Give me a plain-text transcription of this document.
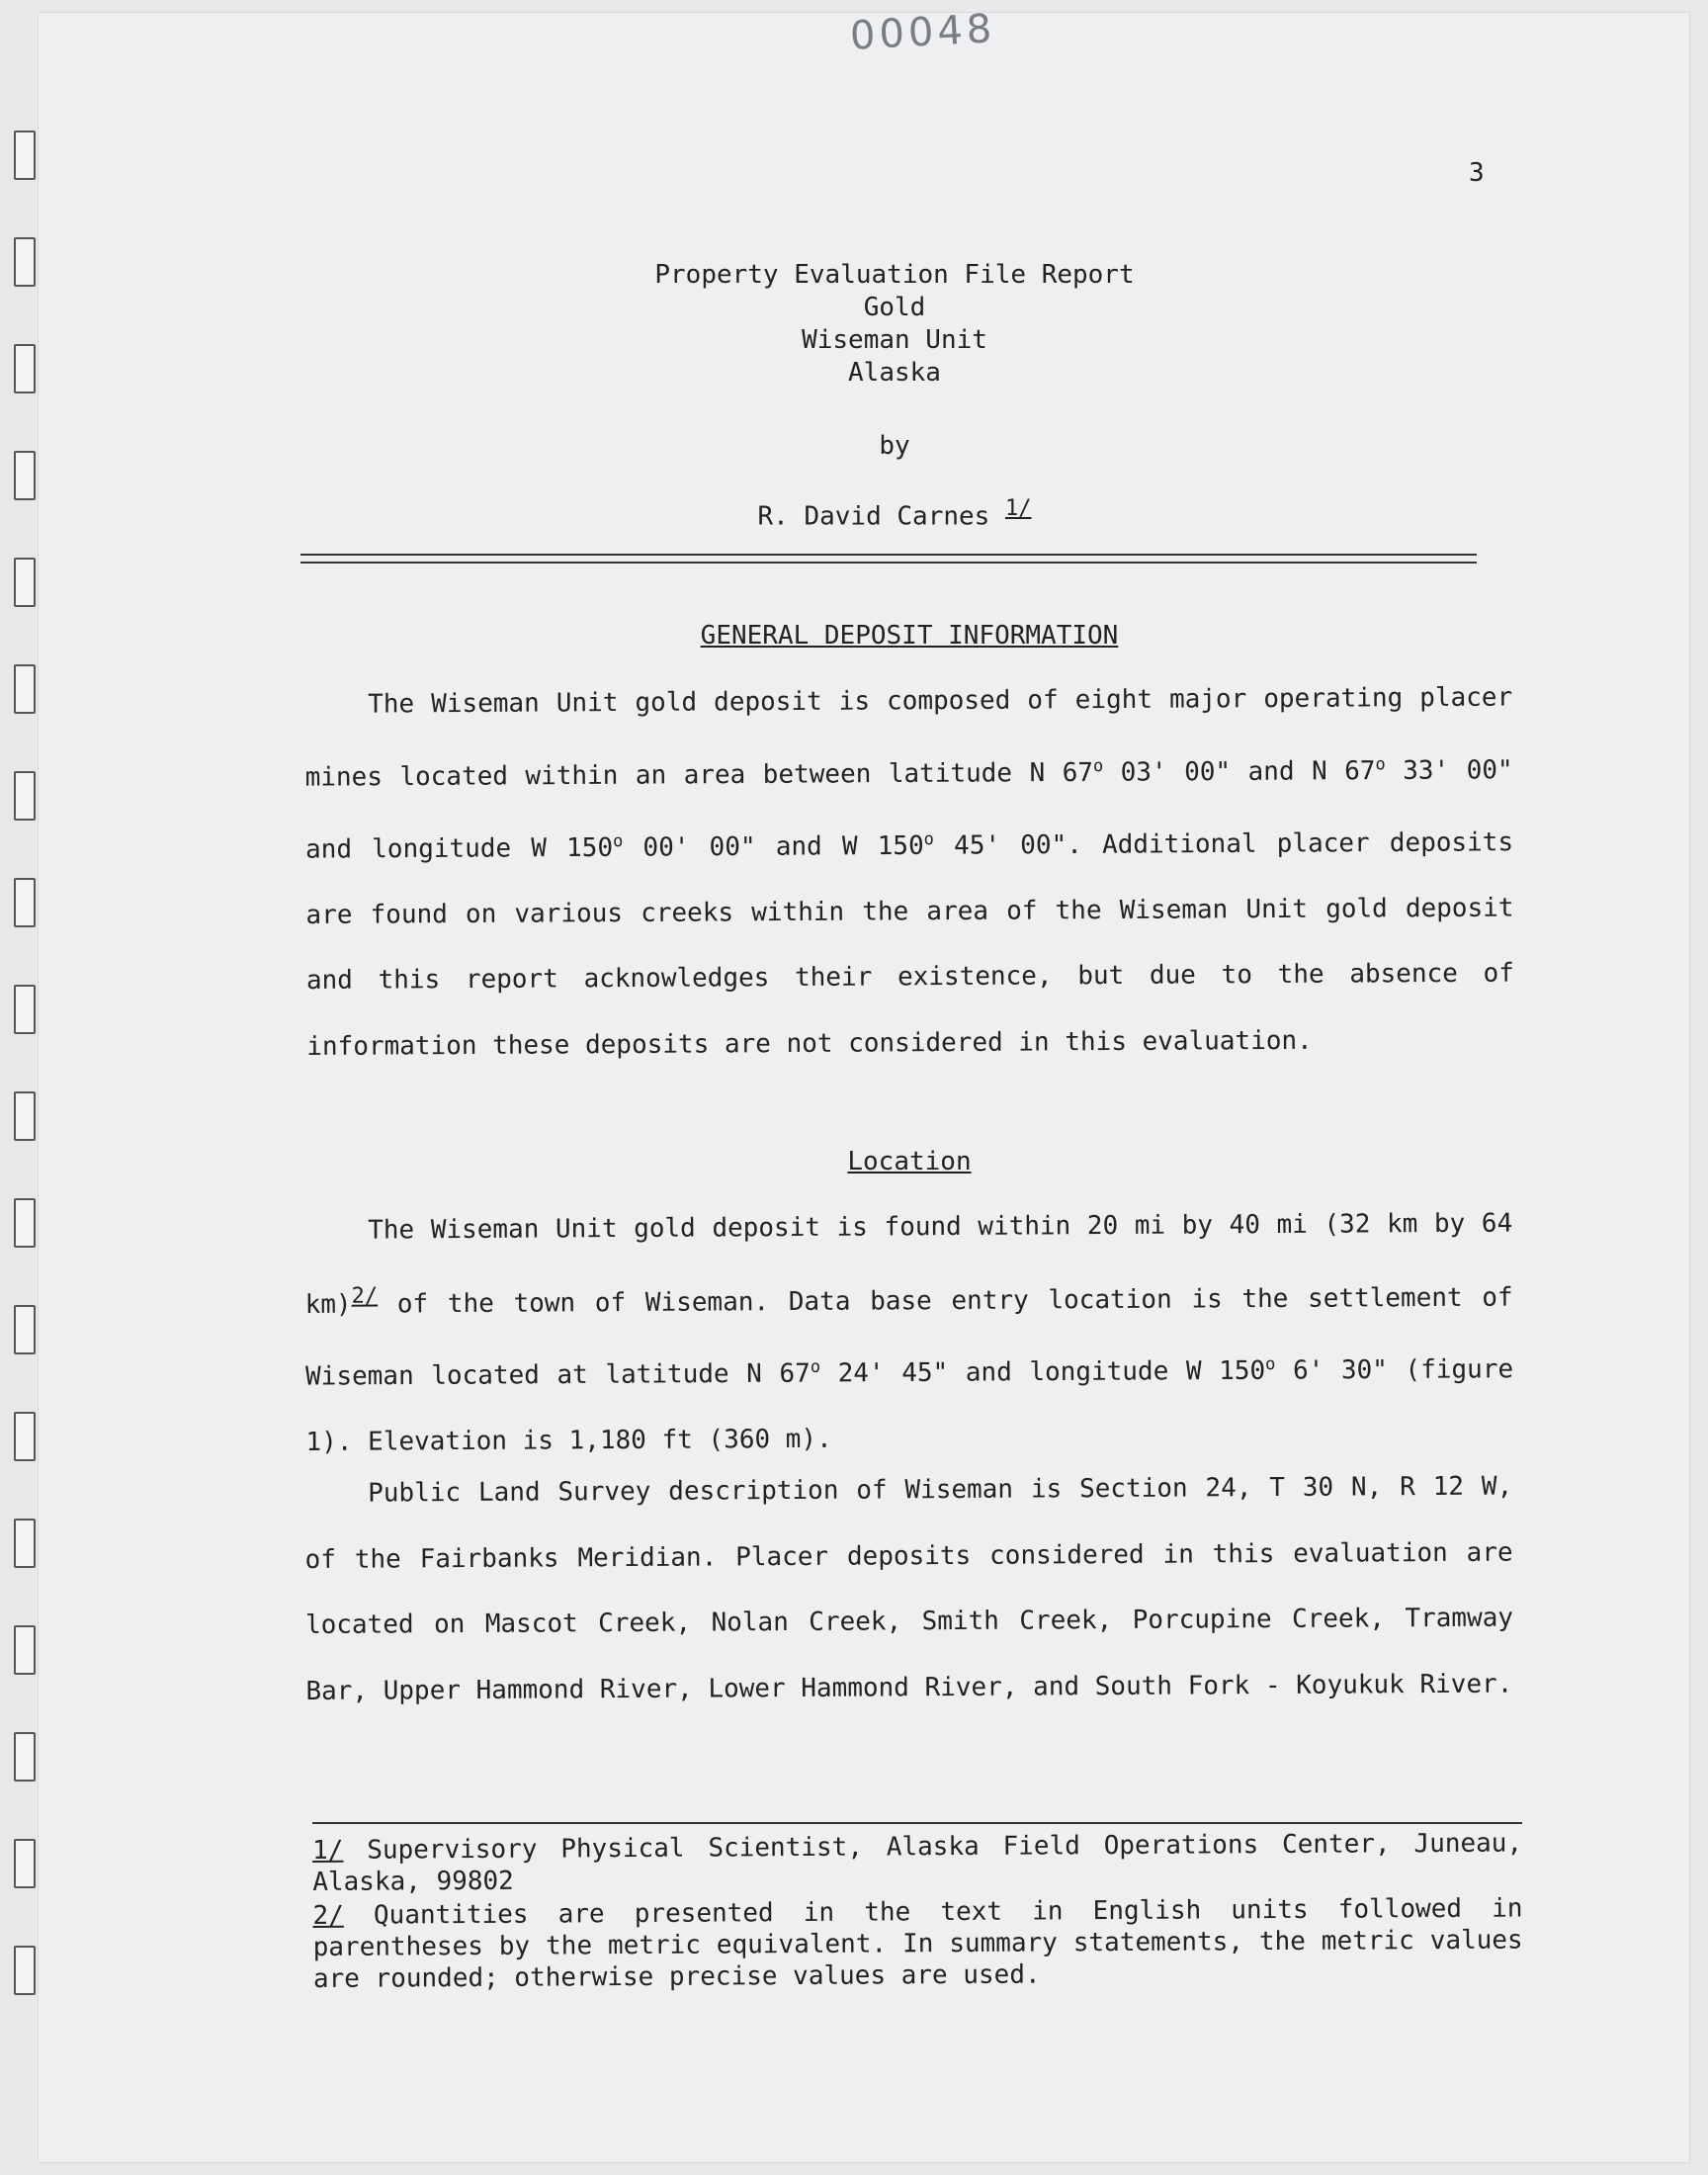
00048
3
Property Evaluation File Report
Gold
Wiseman Unit
Alaska
by
R. David Carnes $^{1/}$
GENERAL DEPOSIT INFORMATION

The Wiseman Unit gold deposit is composed of eight major operating placer mines located within an area between latitude N 67$^o$ 03' 00" and N 67$^o$ 33' 00" and longitude W 150$^o$ 00' 00" and W 150$^o$ 45' 00". Additional placer deposits are found on various creeks within the area of the Wiseman Unit gold deposit and this report acknowledges their existence, but due to the absence of information these deposits are not considered in this evaluation.

Location

The Wiseman Unit gold deposit is found within 20 mi by 40 mi (32 km by 64 km)$^{2/}$ of the town of Wiseman. Data base entry location is the settlement of Wiseman located at latitude N 67$^o$ 24' 45" and longitude W 150$^o$ 6' 30" (figure 1). Elevation is 1,180 ft (360 m).

Public Land Survey description of Wiseman is Section 24, T 30 N, R 12 W, of the Fairbanks Meridian. Placer deposits considered in this evaluation are located on Mascot Creek, Nolan Creek, Smith Creek, Porcupine Creek, Tramway Bar, Upper Hammond River, Lower Hammond River, and South Fork - Koyukuk River.

1/ Supervisory Physical Scientist, Alaska Field Operations Center, Juneau, Alaska, 99802

2/ Quantities are presented in the text in English units followed in parentheses by the metric equivalent. In summary statements, the metric values are rounded; otherwise precise values are used.
